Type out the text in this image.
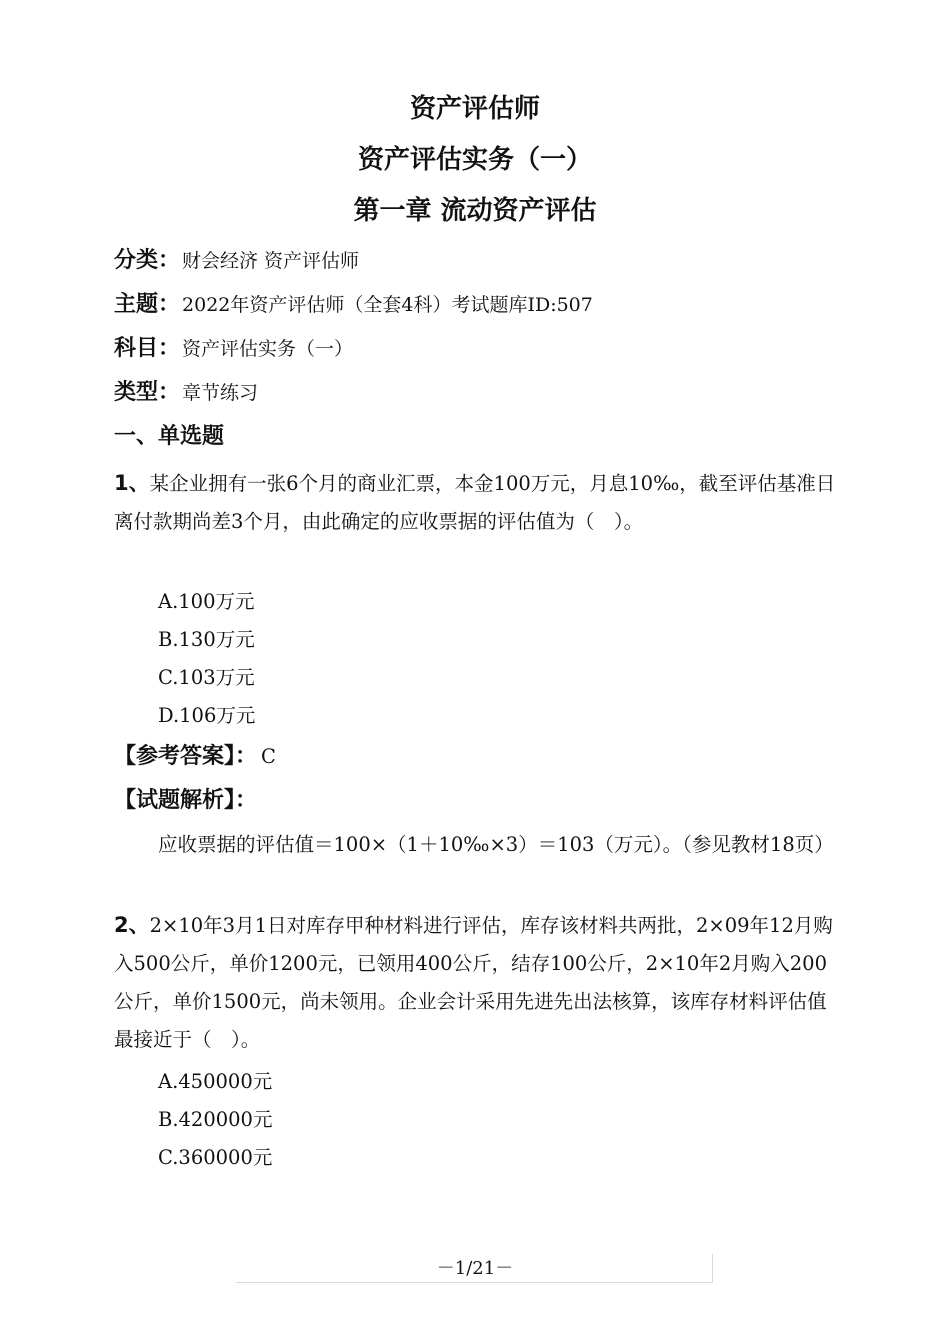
资产评估师
资产评估实务（一）
第一章 流动资产评估
分类： 财会经济 资产评估师
主题： 2022年资产评估师（全套4科）考试题库ID:507
科目： 资产评估实务（一）
类型： 章节练习
一、单选题
1、某企业拥有一张6个月的商业汇票，本金100万元，月息10‰，截至评估基准日离付款期尚差3个月，由此确定的应收票据的评估值为（　）。
A.100万元
B.130万元
C.103万元
D.106万元
【参考答案】： C
【试题解析】：
应收票据的评估值＝100×（1＋10‰×3）＝103（万元）。（参见教材18页）
2、2×10年3月1日对库存甲种材料进行评估，库存该材料共两批，2×09年12月购入500公斤，单价1200元，已领用400公斤，结存100公斤，2×10年2月购入200公斤，单价1500元，尚未领用。企业会计采用先进先出法核算，该库存材料评估值最接近于（　）。
A.450000元
B.420000元
C.360000元
－1/21－
